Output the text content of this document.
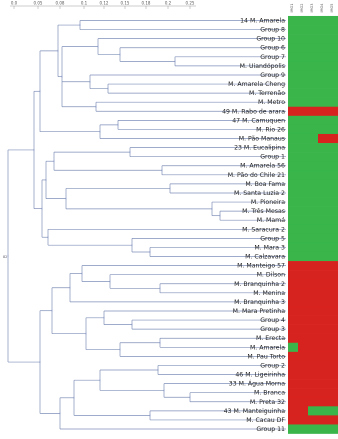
0.0	0.05	0.08	0.1	0.12	0.15	0.18	0.2	0.25
82
14 M. Amarela
Group 8
Group 10
Group 6
Group 7
M. Uiandópolis
Group 9
M. Amarela Cheng
M. Terrenão
M. Metro
49 M. Rabo de arara
47 M. Camuquen
M. Rio 26
M. Pão Manaus
23 M. Eucalipina
Group 1
M. Amarela 56
M. Pão do Chile 21
M. Boa Fama
M. Santa Luzia 2
M. Pioneira
M. Três Mesas
M. Mamá
M. Saracura 2
Group 5
M. Mara 3
M. Calzavara
M. Manteigo 57
M. Dilson
M. Branquinha 2
M. Menina
M. Branquinha 3
M. Mara Pretinha
Group 4
Group 3
M. Erecta
M. Amarela
M. Pau Torto
Group 2
46 M. Ligeirinha
33 M. Água Morna
M. Branca
M. Preta 32
43 M. Manteiguinha
M. Cacau DF
Group 11
IMG1 IMG2 IMG3 IMG4 IMG5
